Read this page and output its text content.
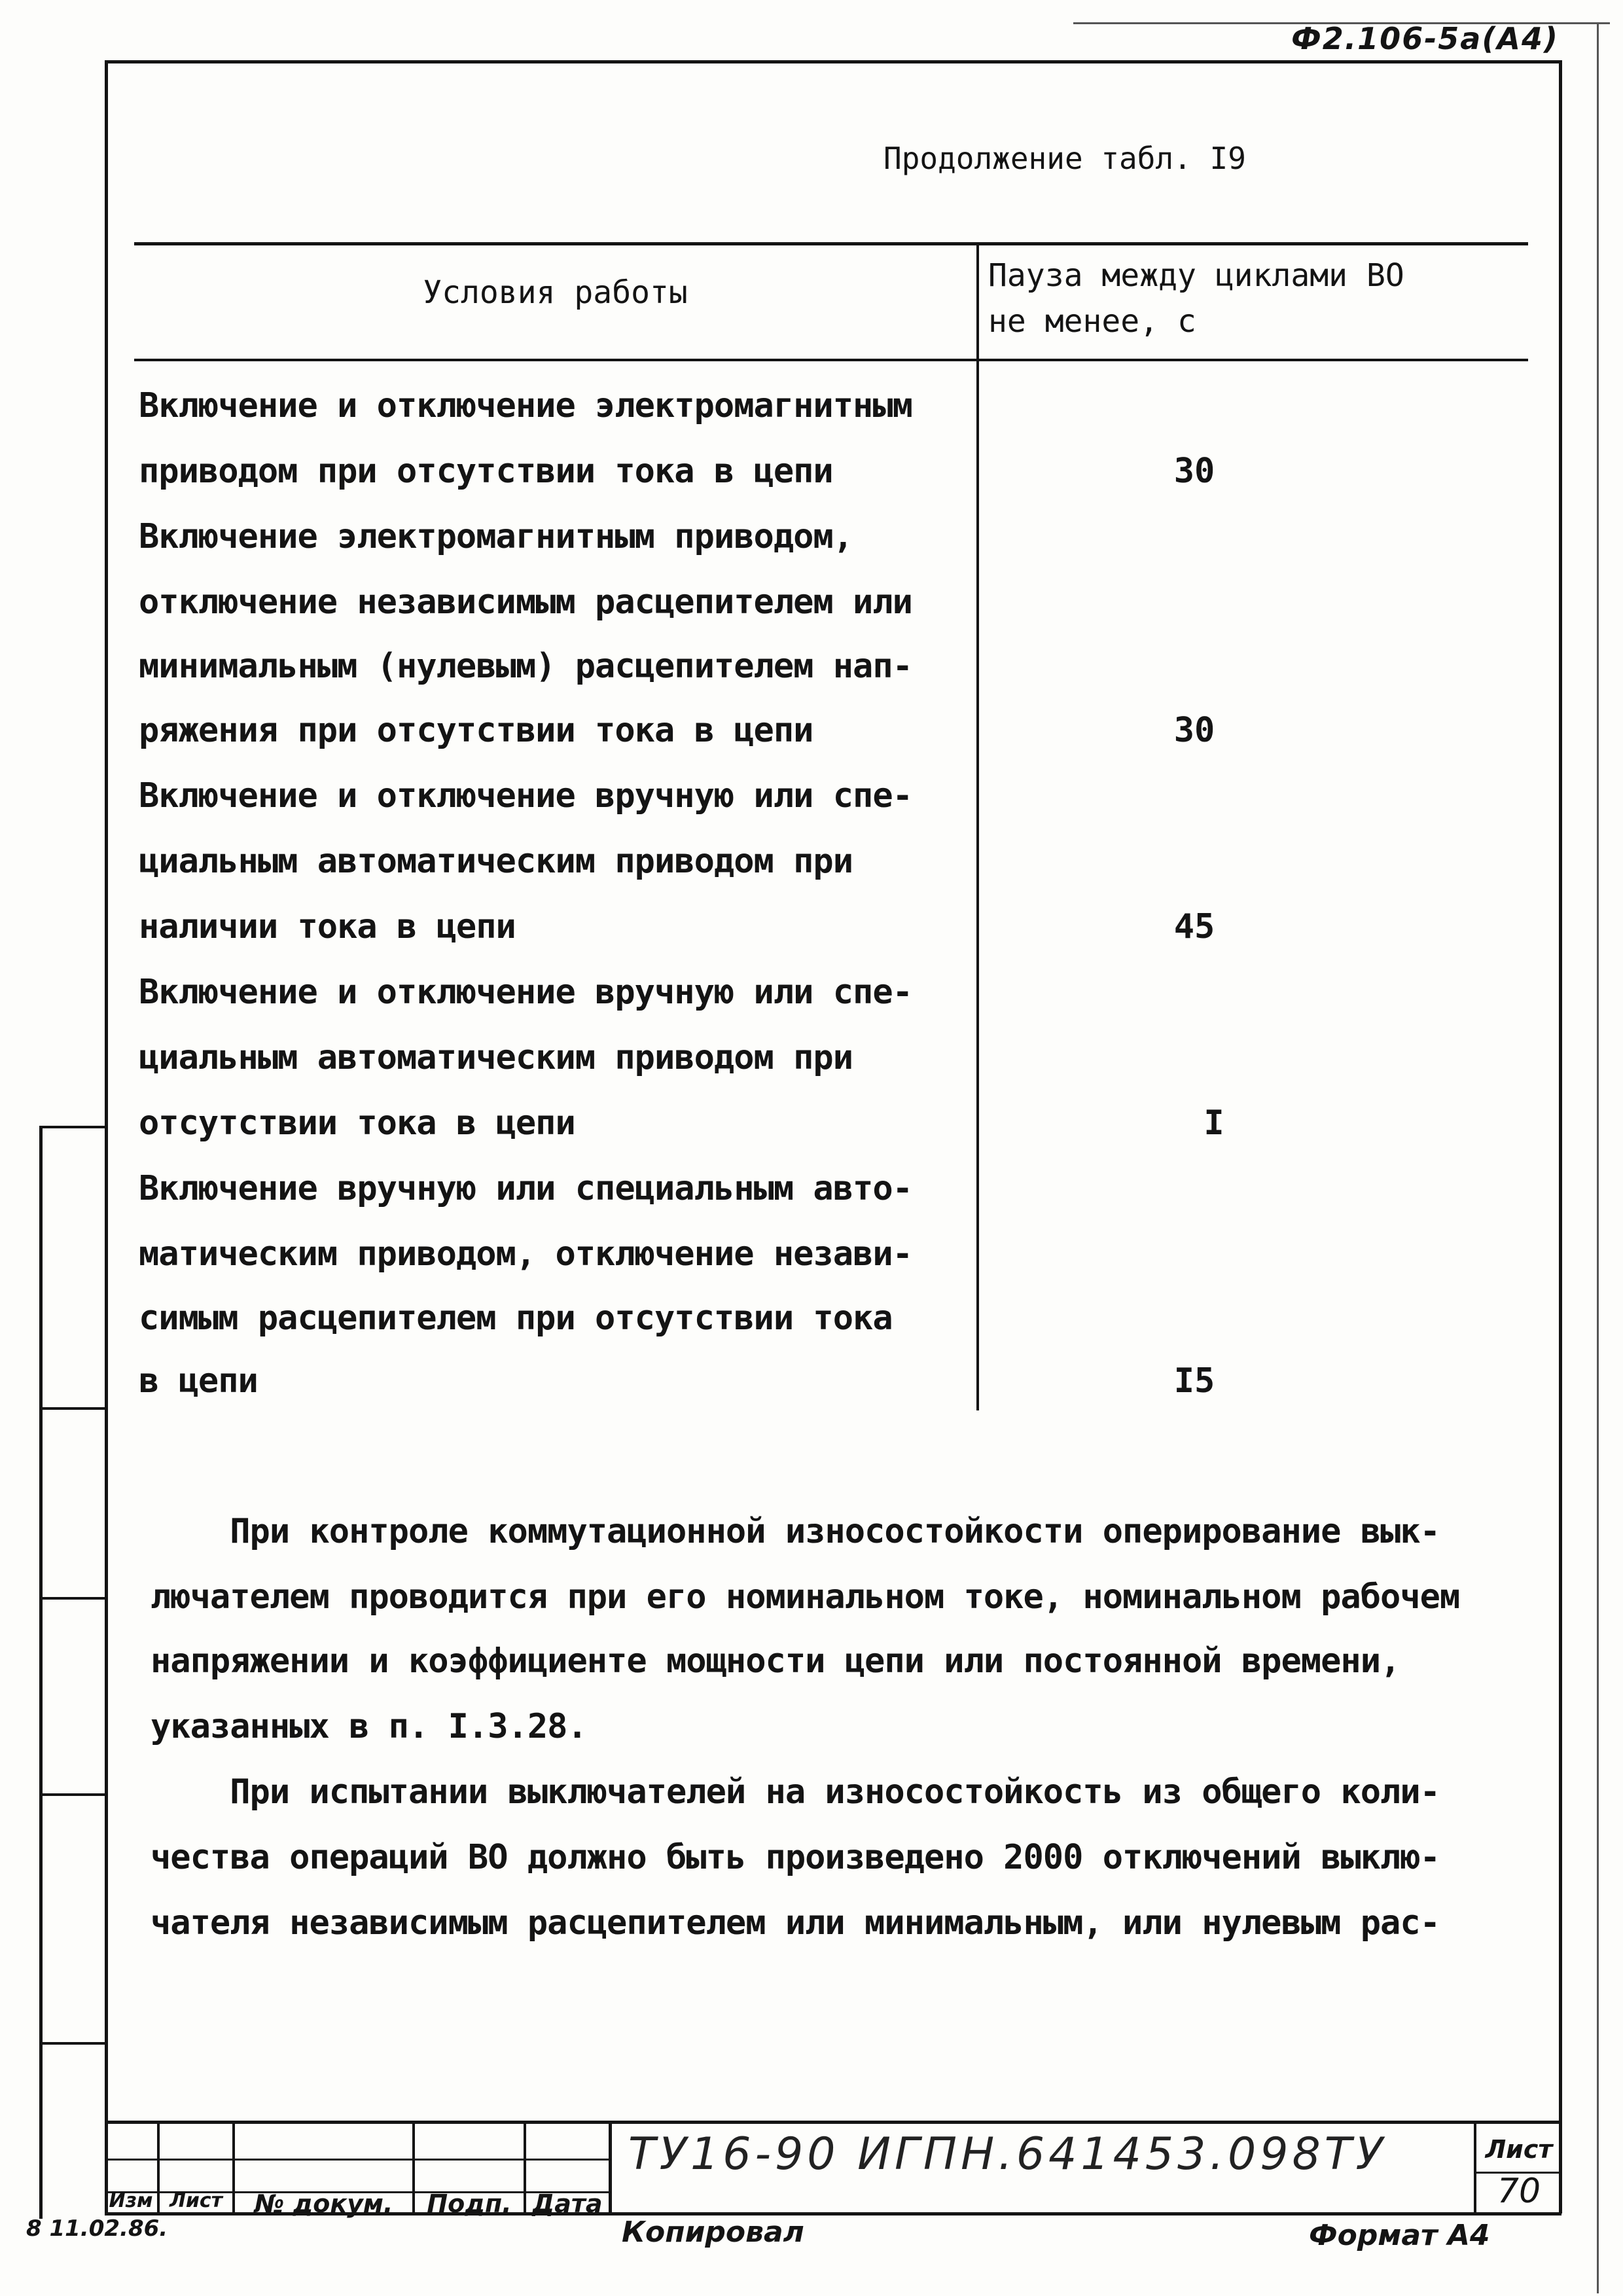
Ф2.106-5а(А4)
Продолжение табл. I9
Условия работы	Пауза между циклами ВО
не менее, с
Включение и отключение электромагнитным
приводом при отсутствии тока в цепи	30
Включение электромагнитным приводом,
отключение независимым расцепителем или
минимальным (нулевым) расцепителем нап-
ряжения при отсутствии тока в цепи	30
Включение и отключение вручную или спе-
циальным автоматическим приводом при
наличии тока в цепи	45
Включение и отключение вручную или спе-
циальным автоматическим приводом при
отсутствии тока в цепи	I
Включение вручную или специальным авто-
матическим приводом, отключение незави-
симым расцепителем при отсутствии тока
в цепи	I5
При контроле коммутационной износостойкости оперирование вык-
лючателем проводится при его номинальном токе, номинальном рабочем
напряжении и коэффициенте мощности цепи или постоянной времени,
указанных в п. I.3.28.
При испытании выключателей на износостойкость из общего коли-
чества операций ВО должно быть произведено 2000 отключений выклю-
чателя независимым расцепителем или минимальным, или нулевым рас-
Изм Лист	№ докум.	Подп. Дата
ТУ16-90 ИГПН.641453.098ТУ	Лист
70
Копировал	Формат А4
8 11.02.86.
